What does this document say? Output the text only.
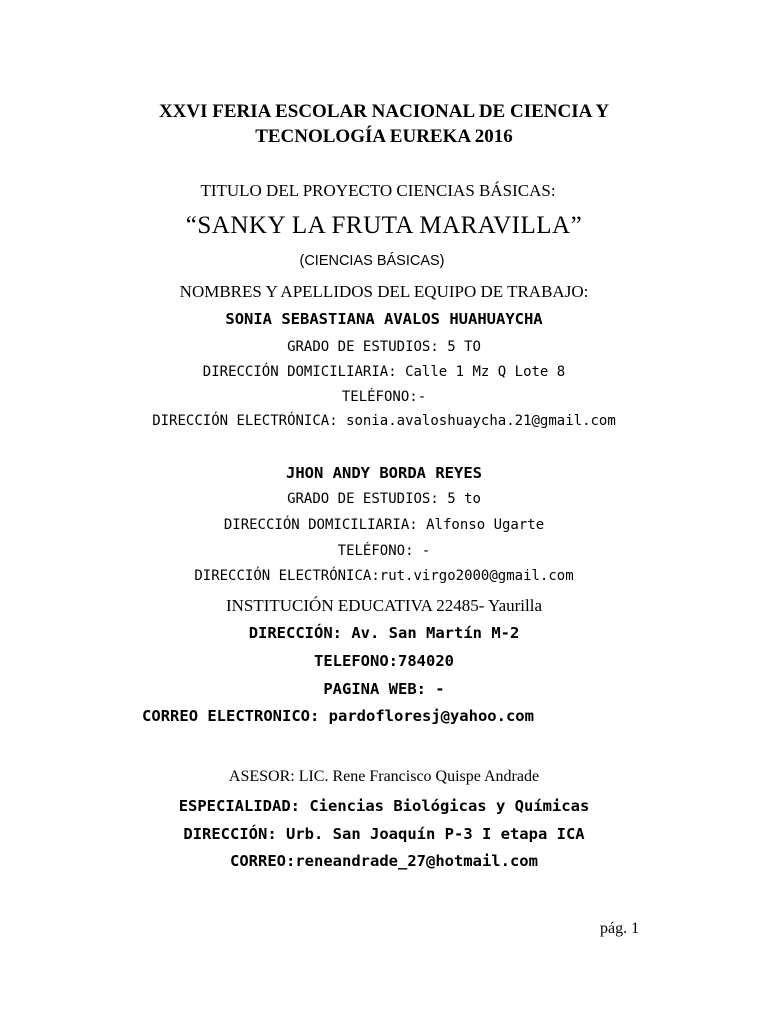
XXVI FERIA ESCOLAR NACIONAL DE CIENCIA Y
TECNOLOGÍA EUREKA 2016
TITULO DEL PROYECTO CIENCIAS BÁSICAS:
“SANKY LA FRUTA MARAVILLA”
(CIENCIAS BÁSICAS)
NOMBRES Y APELLIDOS DEL EQUIPO DE TRABAJO:
SONIA SEBASTIANA AVALOS HUAHUAYCHA
GRADO DE ESTUDIOS: 5 TO
DIRECCIÓN DOMICILIARIA: Calle 1 Mz Q Lote 8
TELÉFONO:-
DIRECCIÓN ELECTRÓNICA: sonia.avaloshuaycha.21@gmail.com
JHON ANDY BORDA REYES
GRADO DE ESTUDIOS: 5 to
DIRECCIÓN DOMICILIARIA: Alfonso Ugarte
TELÉFONO: -
DIRECCIÓN ELECTRÓNICA:rut.virgo2000@gmail.com
INSTITUCIÓN EDUCATIVA 22485- Yaurilla
DIRECCIÓN: Av. San Martín M-2
TELEFONO:784020
PAGINA WEB: -
CORREO ELECTRONICO: pardofloresj@yahoo.com
ASESOR: LIC. Rene Francisco Quispe Andrade
ESPECIALIDAD: Ciencias Biológicas y Químicas
DIRECCIÓN: Urb. San Joaquín P-3 I etapa ICA
CORREO:reneandrade_27@hotmail.com
pág. 1
